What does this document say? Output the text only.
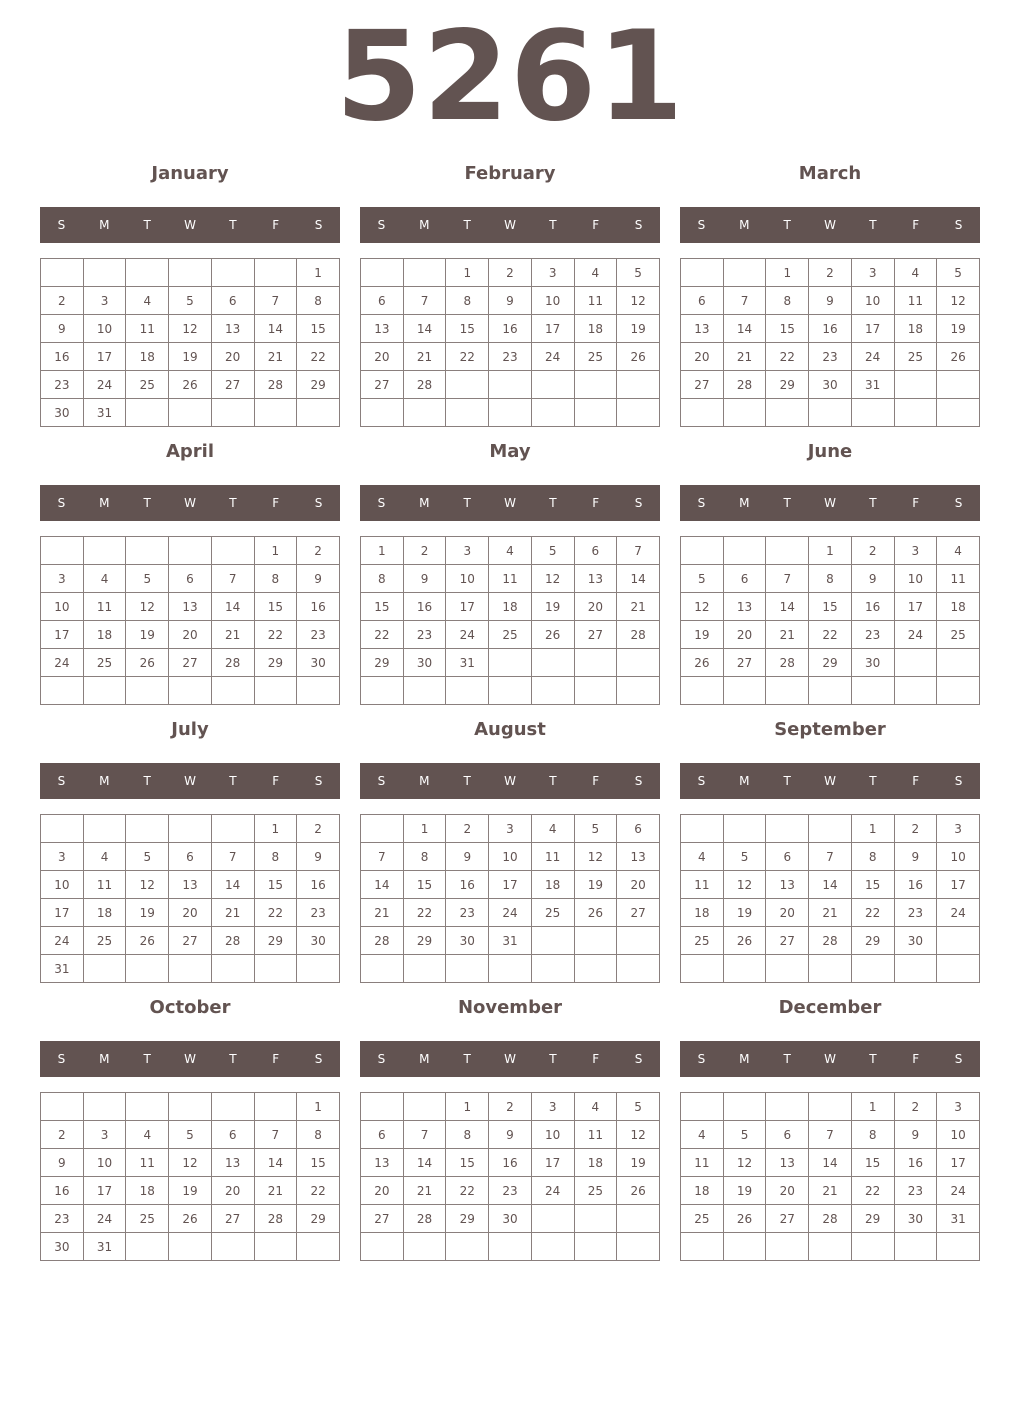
5261
January
S	M	T	W	T	F	S
						1
2	3	4	5	6	7	8
9	10	11	12	13	14	15
16	17	18	19	20	21	22
23	24	25	26	27	28	29
30	31					
February
S	M	T	W	T	F	S
		1	2	3	4	5
6	7	8	9	10	11	12
13	14	15	16	17	18	19
20	21	22	23	24	25	26
27	28					

March
S	M	T	W	T	F	S
		1	2	3	4	5
6	7	8	9	10	11	12
13	14	15	16	17	18	19
20	21	22	23	24	25	26
27	28	29	30	31		

April
S	M	T	W	T	F	S
					1	2
3	4	5	6	7	8	9
10	11	12	13	14	15	16
17	18	19	20	21	22	23
24	25	26	27	28	29	30

May
S	M	T	W	T	F	S
1	2	3	4	5	6	7
8	9	10	11	12	13	14
15	16	17	18	19	20	21
22	23	24	25	26	27	28
29	30	31				

June
S	M	T	W	T	F	S
			1	2	3	4
5	6	7	8	9	10	11
12	13	14	15	16	17	18
19	20	21	22	23	24	25
26	27	28	29	30		

July
S	M	T	W	T	F	S
					1	2
3	4	5	6	7	8	9
10	11	12	13	14	15	16
17	18	19	20	21	22	23
24	25	26	27	28	29	30
31						
August
S	M	T	W	T	F	S
	1	2	3	4	5	6
7	8	9	10	11	12	13
14	15	16	17	18	19	20
21	22	23	24	25	26	27
28	29	30	31			

September
S	M	T	W	T	F	S
				1	2	3
4	5	6	7	8	9	10
11	12	13	14	15	16	17
18	19	20	21	22	23	24
25	26	27	28	29	30	

October
S	M	T	W	T	F	S
						1
2	3	4	5	6	7	8
9	10	11	12	13	14	15
16	17	18	19	20	21	22
23	24	25	26	27	28	29
30	31					
November
S	M	T	W	T	F	S
		1	2	3	4	5
6	7	8	9	10	11	12
13	14	15	16	17	18	19
20	21	22	23	24	25	26
27	28	29	30			

December
S	M	T	W	T	F	S
				1	2	3
4	5	6	7	8	9	10
11	12	13	14	15	16	17
18	19	20	21	22	23	24
25	26	27	28	29	30	31
